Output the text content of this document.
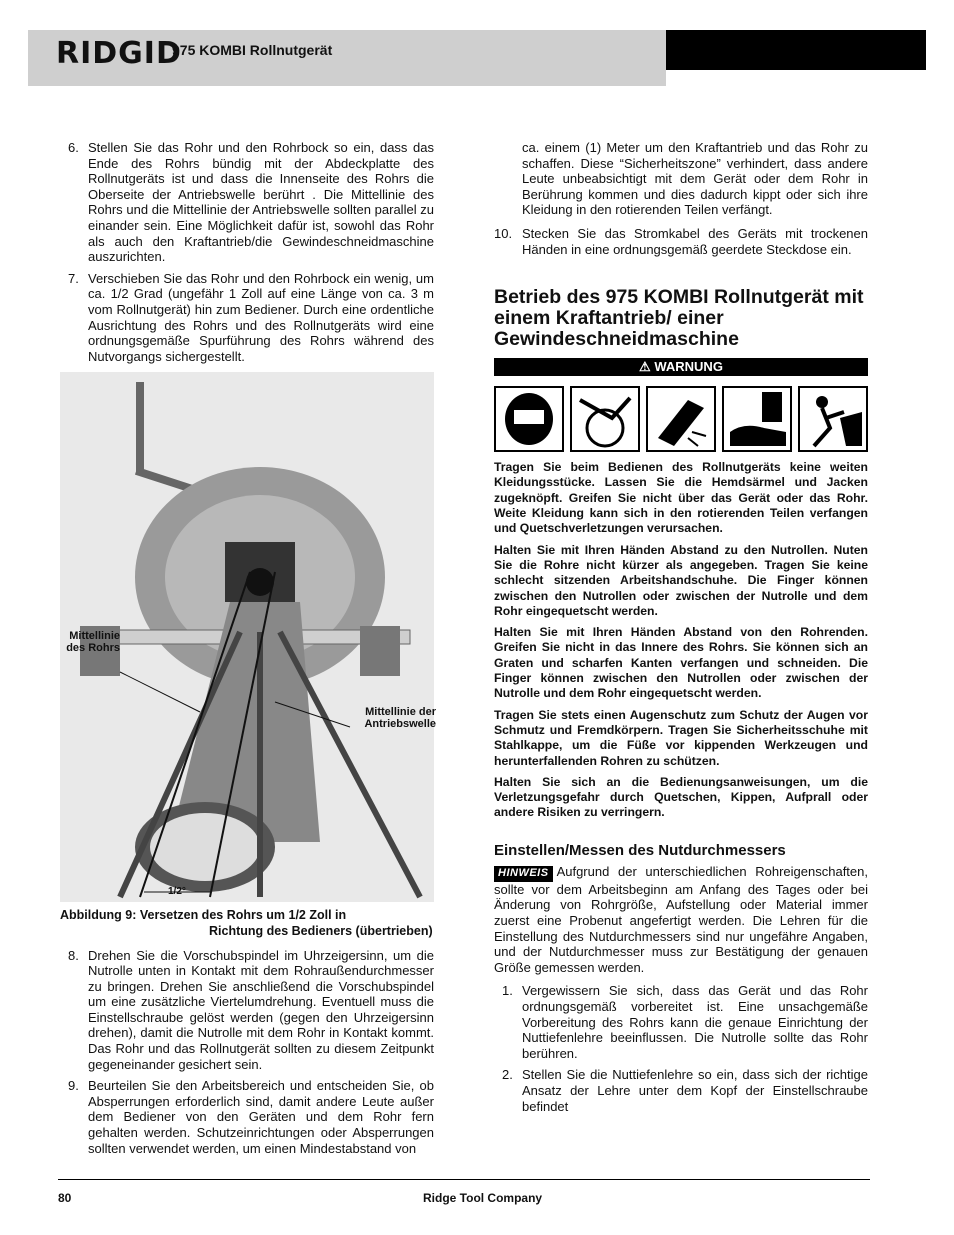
RIDGID
975 KOMBI Rollnutgerät
6. Stellen Sie das Rohr und den Rohrbock so ein, dass das Ende des Rohrs bündig mit der Abdeckplatte des Rollnutgeräts ist und dass die Innenseite des Rohrs die Oberseite der Antriebswelle berührt . Die Mittellinie des Rohrs und die Mittellinie der Antriebswelle sollten parallel zu einander sein. Eine Möglichkeit dafür ist, sowohl das Rohr als auch den Kraftantrieb/die Gewindeschneidmaschine auszurichten.
7. Verschieben Sie das Rohr und den Rohrbock ein wenig, um ca. 1/2 Grad (ungefähr 1 Zoll auf eine Länge von ca. 3 m vom Rollnutgerät) hin zum Bediener. Durch eine ordentliche Ausrichtung des Rohrs und des Rollnutgeräts wird eine ordnungsgemäße Spurführung des Rohrs während des Nutvorgangs sichergestellt.
Mittellinie des Rohrs
Mittellinie der Antriebswelle
1/2°
Abbildung 9: Versetzen des Rohrs um 1/2 Zoll in
Richtung des Bedieners (übertrieben)
8. Drehen Sie die Vorschubspindel im Uhrzeigersinn, um die Nutrolle unten in Kontakt mit dem Rohraußendurchmesser zu bringen. Drehen Sie anschließend die Vorschubspindel um eine zusätzliche Viertelumdrehung. Eventuell muss die Einstellschraube gelöst werden (gegen den Uhrzeigersinn drehen), damit die Nutrolle mit dem Rohr in Kontakt kommt. Das Rohr und das Rollnutgerät sollten zu diesem Zeitpunkt gegeneinander gesichert sein.
9. Beurteilen Sie den Arbeitsbereich und entscheiden Sie, ob Absperrungen erforderlich sind, damit andere Leute außer dem Bediener von den Geräten und dem Rohr fern gehalten werden. Schutzeinrichtungen oder Absperrungen sollten verwendet werden, um einen Mindestabstand von
ca. einem (1) Meter um den Kraftantrieb und das Rohr zu schaffen. Diese “Sicherheitszone” verhindert, dass andere Leute unbeabsichtigt mit dem Gerät oder dem Rohr in Berührung kommen und dies dadurch kippt oder sich ihre Kleidung in den rotierenden Teilen verfängt.
10. Stecken Sie das Stromkabel des Geräts mit trockenen Händen in eine ordnungsgemäß geerdete Steckdose ein.
Betrieb des 975 KOMBI Rollnutgerät mit einem Kraftantrieb/ einer Gewindeschneidmaschine
⚠ WARNUNG

Tragen Sie beim Bedienen des Rollnutgeräts keine weiten Kleidungsstücke. Lassen Sie die Hemdsärmel und Jacken zugeknöpft. Greifen Sie nicht über das Gerät oder das Rohr. Weite Kleidung kann sich in den rotierenden Teilen verfangen und Quetschverletzungen verursachen.

Halten Sie mit Ihren Händen Abstand zu den Nutrollen. Nuten Sie die Rohre nicht kürzer als angegeben. Tragen Sie keine schlecht sitzenden Arbeitshandschuhe. Die Finger können zwischen den Nutrollen oder zwischen der Nutrolle und dem Rohr eingequetscht werden.

Halten Sie mit Ihren Händen Abstand von den Rohrenden. Greifen Sie nicht in das Innere des Rohrs. Sie können sich an Graten und scharfen Kanten verfangen und schneiden. Die Finger können zwischen den Nutrollen oder zwischen der Nutrolle und dem Rohr eingequetscht werden.

Tragen Sie stets einen Augenschutz zum Schutz der Augen vor Schmutz und Fremdkörpern. Tragen Sie Sicherheitsschuhe mit Stahlkappe, um die Füße vor kippenden Werkzeugen und herunterfallenden Rohren zu schützen.

Halten Sie sich an die Bedienungsanweisungen, um die Verletzungsgefahr durch Quetschen, Kippen, Aufprall oder andere Risiken zu verringern.

Einstellen/Messen des Nutdurchmessers

HINWEIS Aufgrund der unterschiedlichen Rohreigenschaften, sollte vor dem Arbeitsbeginn am Anfang des Tages oder bei Änderung von Rohrgröße, Aufstellung oder Material immer zuerst eine Probenut angefertigt werden. Die Lehren für die Einstellung des Nutdurchmessers sind nur ungefähre Angaben, und der Nutdurchmesser muss zur Bestätigung der genauen Größe gemessen werden.

1. Vergewissern Sie sich, dass das Gerät und das Rohr ordnungsgemäß vorbereitet ist. Eine unsachgemäße Vorbereitung des Rohrs kann die genaue Einrichtung der Nuttiefenlehre beeinflussen. Die Nutrolle sollte das Rohr berühren.
2. Stellen Sie die Nuttiefenlehre so ein, dass sich der richtige Ansatz der Lehre unter dem Kopf der Einstellschraube befindet
80	Ridge Tool Company
